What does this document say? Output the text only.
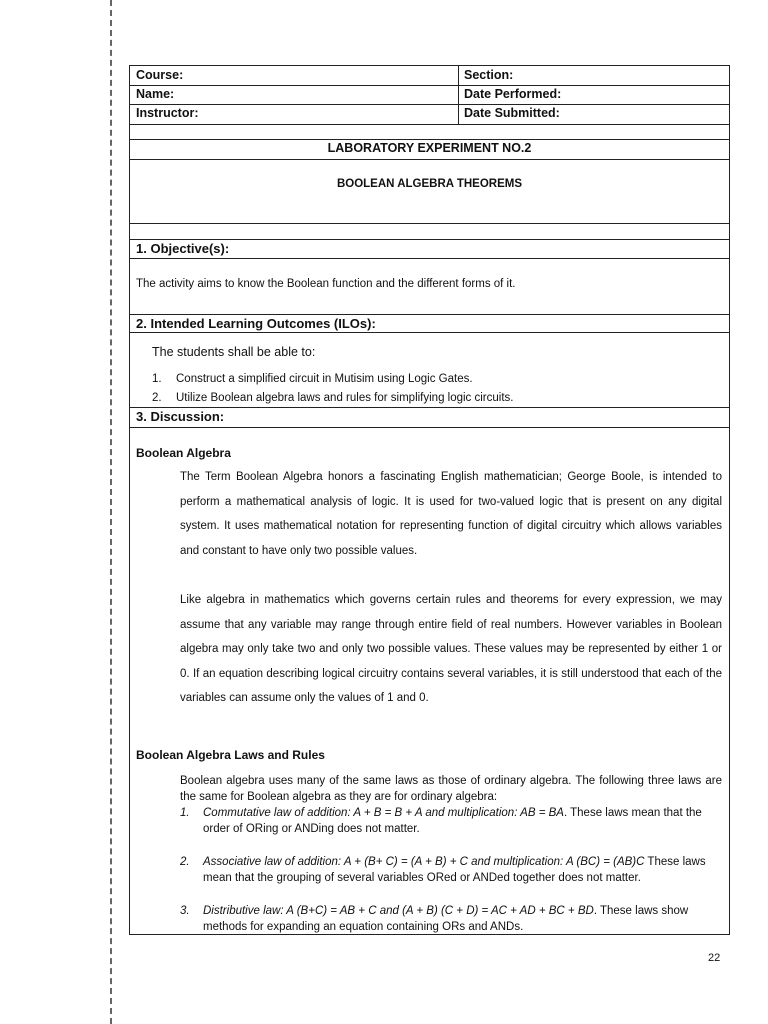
Course:	Section:
Name:	Date Performed:
Instructor:	Date Submitted:
LABORATORY EXPERIMENT NO.2
BOOLEAN ALGEBRA THEOREMS
1. Objective(s):
The activity aims to know the Boolean function and the different forms of it.
2. Intended Learning Outcomes (ILOs):
The students shall be able to:
1. Construct a simplified circuit in Mutisim using Logic Gates.
2. Utilize Boolean algebra laws and rules for simplifying logic circuits.
3. Discussion:
Boolean Algebra
The Term Boolean Algebra honors a fascinating English mathematician; George Boole, is intended to perform a mathematical analysis of logic. It is used for two-valued logic that is present on any digital system. It uses mathematical notation for representing function of digital circuitry which allows variables and constant to have only two possible values.
Like algebra in mathematics which governs certain rules and theorems for every expression, we may assume that any variable may range through entire field of real numbers. However variables in Boolean algebra may only take two and only two possible values. These values may be represented by either 1 or 0. If an equation describing logical circuitry contains several variables, it is still understood that each of the variables can assume only the values of 1 and 0.
Boolean Algebra Laws and Rules
Boolean algebra uses many of the same laws as those of ordinary algebra. The following three laws are the same for Boolean algebra as they are for ordinary algebra:
1. Commutative law of addition: A + B = B + A and multiplication: AB = BA. These laws mean that the order of ORing or ANDing does not matter.
2. Associative law of addition: A + (B+ C) = (A + B) + C and multiplication: A (BC) = (AB)C These laws mean that the grouping of several variables ORed or ANDed together does not matter.
3. Distributive law: A (B+C) = AB + C and (A + B) (C + D) = AC + AD + BC + BD. These laws show methods for expanding an equation containing ORs and ANDs.
22
